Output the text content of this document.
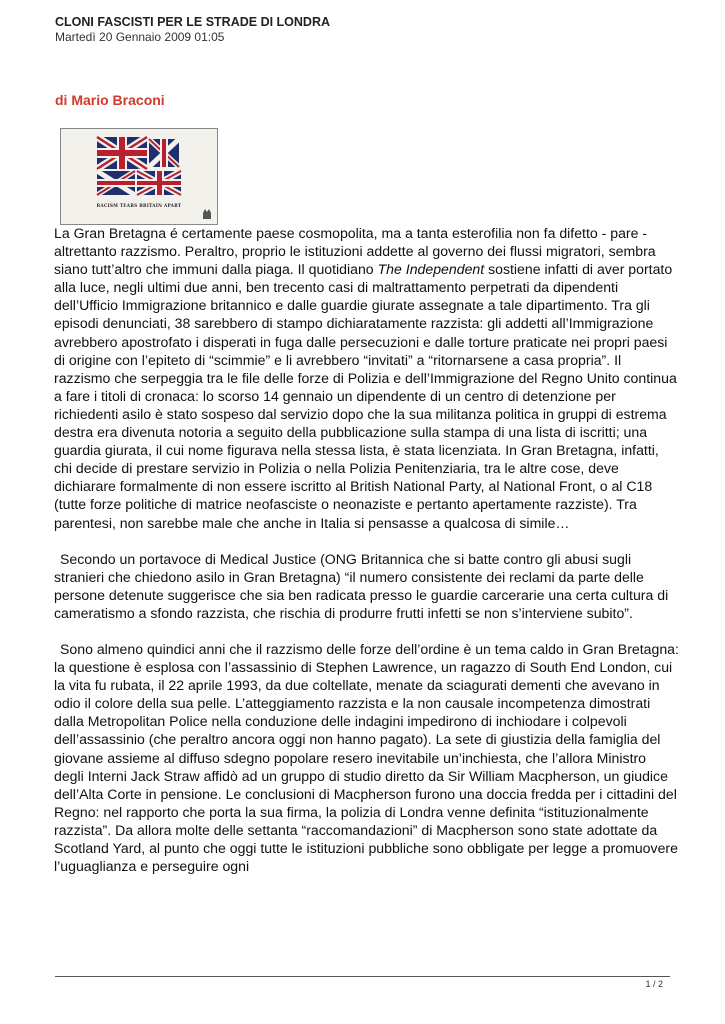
CLONI FASCISTI PER LE STRADE DI LONDRA
Martedì 20 Gennaio 2009 01:05
di Mario Braconi
RACISM TEARS BRITAIN APART

La Gran Bretagna é certamente paese cosmopolita, ma a tanta esterofilia non fa difetto - pare - altrettanto razzismo. Peraltro, proprio le istituzioni addette al governo dei flussi migratori, sembra siano tutt’altro che immuni dalla piaga. Il quotidiano The Independent sostiene infatti di aver portato alla luce, negli ultimi due anni, ben trecento casi di maltrattamento perpetrati da dipendenti dell’Ufficio Immigrazione britannico e dalle guardie giurate assegnate a tale dipartimento. Tra gli episodi denunciati, 38 sarebbero di stampo dichiaratamente razzista: gli addetti all’Immigrazione avrebbero apostrofato i disperati in fuga dalle persecuzioni e dalle torture praticate nei propri paesi di origine con l’epiteto di “scimmie” e li avrebbero “invitati” a “ritornarsene a casa propria”. Il razzismo che serpeggia tra le file delle forze di Polizia e dell’Immigrazione del Regno Unito continua a fare i titoli di cronaca: lo scorso 14 gennaio un dipendente di un centro di detenzione per richiedenti asilo è stato sospeso dal servizio dopo che la sua militanza politica in gruppi di estrema destra era divenuta notoria a seguito della pubblicazione sulla stampa di una lista di iscritti; una guardia giurata, il cui nome figurava nella stessa lista, è stata licenziata. In Gran Bretagna, infatti, chi decide di prestare servizio in Polizia o nella Polizia Penitenziaria, tra le altre cose, deve dichiarare formalmente di non essere iscritto al British National Party, al National Front, o al C18 (tutte forze politiche di matrice neofasciste o neonaziste e pertanto apertamente razziste). Tra parentesi, non sarebbe male che anche in Italia si pensasse a qualcosa di simile…

Secondo un portavoce di Medical Justice (ONG Britannica che si batte contro gli abusi sugli stranieri che chiedono asilo in Gran Bretagna) “il numero consistente dei reclami da parte delle persone detenute suggerisce che sia ben radicata presso le guardie carcerarie una certa cultura di cameratismo a sfondo razzista, che rischia di produrre frutti infetti se non s’interviene subito”.

Sono almeno quindici anni che il razzismo delle forze dell’ordine è un tema caldo in Gran Bretagna: la questione è esplosa con l’assassinio di Stephen Lawrence, un ragazzo di South End London, cui la vita fu rubata, il 22 aprile 1993, da due coltellate, menate da sciagurati dementi che avevano in odio il colore della sua pelle. L’atteggiamento razzista e la non causale incompetenza dimostrati dalla Metropolitan Police nella conduzione delle indagini impedirono di inchiodare i colpevoli dell’assassinio (che peraltro ancora oggi non hanno pagato). La sete di giustizia della famiglia del giovane assieme al diffuso sdegno popolare resero inevitabile un’inchiesta, che l’allora Ministro degli Interni Jack Straw affidò ad un gruppo di studio diretto da Sir William Macpherson, un giudice dell’Alta Corte in pensione. Le conclusioni di Macpherson furono una doccia fredda per i cittadini del Regno: nel rapporto che porta la sua firma, la polizia di Londra venne definita “istituzionalmente razzista”. Da allora molte delle settanta “raccomandazioni” di Macpherson sono state adottate da Scotland Yard, al punto che oggi tutte le istituzioni pubbliche sono obbligate per legge a promuovere l’uguaglianza e perseguire ogni

1 / 2
